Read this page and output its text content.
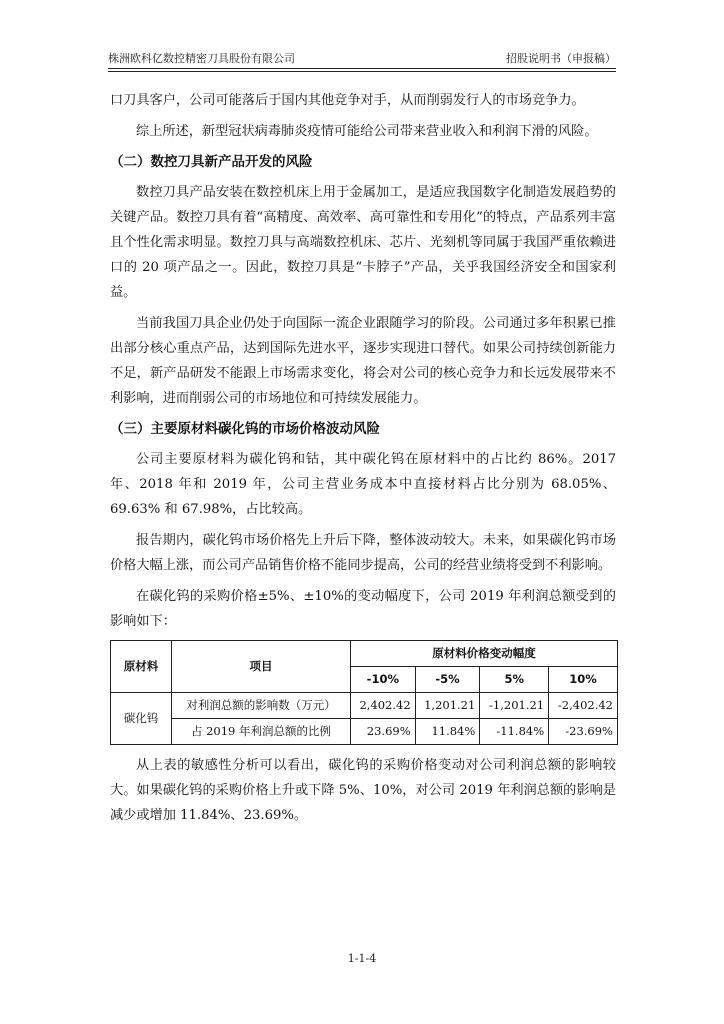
株洲欧科亿数控精密刀具股份有限公司	招股说明书（申报稿）

口刀具客户，公司可能落后于国内其他竞争对手，从而削弱发行人的市场竞争力。

综上所述，新型冠状病毒肺炎疫情可能给公司带来营业收入和利润下滑的风险。

（二）数控刀具新产品开发的风险

数控刀具产品安装在数控机床上用于金属加工，是适应我国数字化制造发展趋势的关键产品。数控刀具有着“高精度、高效率、高可靠性和专用化”的特点，产品系列丰富且个性化需求明显。数控刀具与高端数控机床、芯片、光刻机等同属于我国严重依赖进口的 20 项产品之一。因此，数控刀具是“卡脖子”产品，关乎我国经济安全和国家利益。

当前我国刀具企业仍处于向国际一流企业跟随学习的阶段。公司通过多年积累已推出部分核心重点产品，达到国际先进水平，逐步实现进口替代。如果公司持续创新能力不足，新产品研发不能跟上市场需求变化，将会对公司的核心竞争力和长远发展带来不利影响，进而削弱公司的市场地位和可持续发展能力。

（三）主要原材料碳化钨的市场价格波动风险

公司主要原材料为碳化钨和钴，其中碳化钨在原材料中的占比约 86%。2017 年、2018 年和 2019 年，公司主营业务成本中直接材料占比分别为 68.05%、69.63% 和 67.98%，占比较高。

报告期内，碳化钨市场价格先上升后下降，整体波动较大。未来，如果碳化钨市场价格大幅上涨，而公司产品销售价格不能同步提高，公司的经营业绩将受到不利影响。

在碳化钨的采购价格±5%、±10%的变动幅度下，公司 2019 年利润总额受到的影响如下：

原材料	项目	原材料价格变动幅度			
		-10%	-5%	5%	10%
碳化钨	对利润总额的影响数（万元）	2,402.42	1,201.21	-1,201.21	-2,402.42
	占 2019 年利润总额的比例	23.69%	11.84%	-11.84%	-23.69%

从上表的敏感性分析可以看出，碳化钨的采购价格变动对公司利润总额的影响较大。如果碳化钨的采购价格上升或下降 5%、10%，对公司 2019 年利润总额的影响是减少或增加 11.84%、23.69%。

1-1-4
